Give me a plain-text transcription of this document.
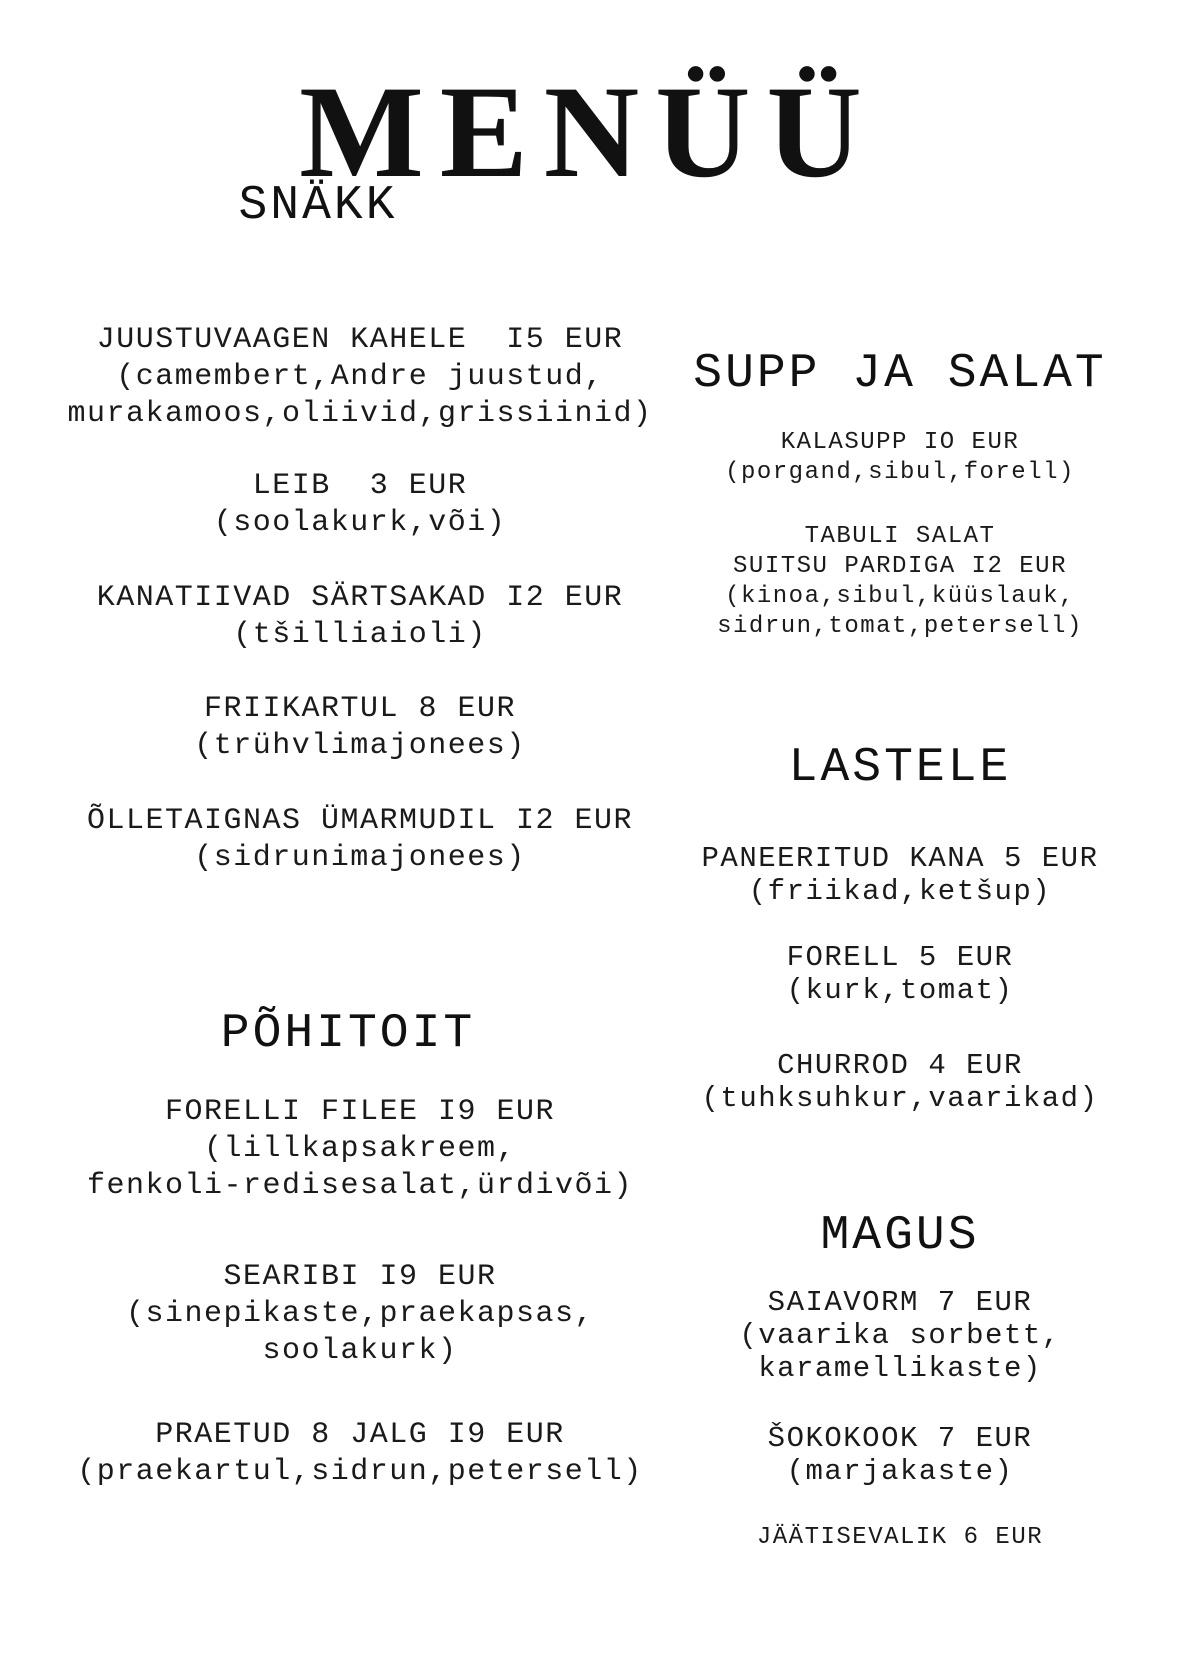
MENÜÜ
SNÄKK
JUUSTUVAAGEN KAHELE  I5 EUR
(camembert,Andre juustud,
murakamoos,oliivid,grissiinid)
LEIB  3 EUR
(soolakurk,või)
KANATIIVAD SÄRTSAKAD I2 EUR
(tšilliaioli)
FRIIKARTUL 8 EUR
(trühvlimajonees)
ÕLLETAIGNAS ÜMARMUDIL I2 EUR
(sidrunimajonees)
PÕHITOIT
FORELLI FILEE I9 EUR
(lillkapsakreem,
fenkoli-redisesalat,ürdivõi)
SEARIBI I9 EUR
(sinepikaste,praekapsas,
soolakurk)
PRAETUD 8 JALG I9 EUR
(praekartul,sidrun,petersell)
SUPP JA SALAT
KALASUPP IO EUR
(porgand,sibul,forell)
TABULI SALAT
SUITSU PARDIGA I2 EUR
(kinoa,sibul,küüslauk,
sidrun,tomat,petersell)
LASTELE
PANEERITUD KANA 5 EUR
(friikad,ketšup)
FORELL 5 EUR
(kurk,tomat)
CHURROD 4 EUR
(tuhksuhkur,vaarikad)
MAGUS
SAIAVORM 7 EUR
(vaarika sorbett,
karamellikaste)
ŠOKOKOOK 7 EUR
(marjakaste)
JÄÄTISEVALIK 6 EUR
